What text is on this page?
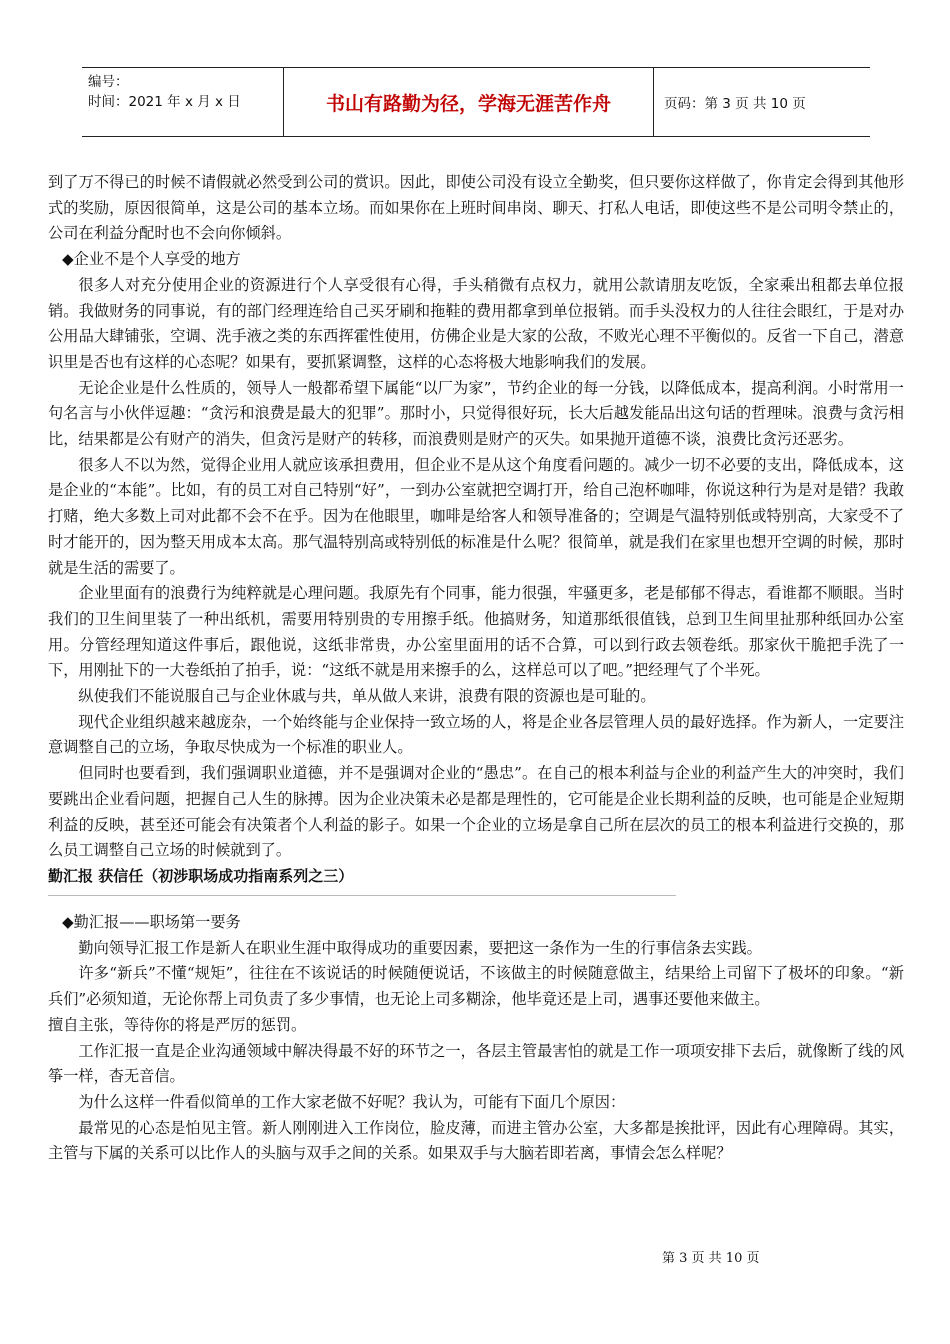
编号：
时间：2021 年 x 月 x 日	书山有路勤为径，学海无涯苦作舟	页码：第 3 页 共 10 页

到了万不得已的时候不请假就必然受到公司的赏识。因此，即使公司没有设立全勤奖，但只要你这样做了，你肯定会得到其他形式的奖励，原因很简单，这是公司的基本立场。而如果你在上班时间串岗、聊天、打私人电话，即使这些不是公司明令禁止的，公司在利益分配时也不会向你倾斜。

◆企业不是个人享受的地方

很多人对充分使用企业的资源进行个人享受很有心得，手头稍微有点权力，就用公款请朋友吃饭，全家乘出租都去单位报销。我做财务的同事说，有的部门经理连给自己买牙刷和拖鞋的费用都拿到单位报销。而手头没权力的人往往会眼红，于是对办公用品大肆铺张，空调、洗手液之类的东西挥霍性使用，仿佛企业是大家的公敌，不败光心理不平衡似的。反省一下自己，潜意识里是否也有这样的心态呢？如果有，要抓紧调整，这样的心态将极大地影响我们的发展。

无论企业是什么性质的，领导人一般都希望下属能“以厂为家”，节约企业的每一分钱，以降低成本，提高利润。小时常用一句名言与小伙伴逗趣：“贪污和浪费是最大的犯罪”。那时小，只觉得很好玩，长大后越发能品出这句话的哲理味。浪费与贪污相比，结果都是公有财产的消失，但贪污是财产的转移，而浪费则是财产的灭失。如果抛开道德不谈，浪费比贪污还恶劣。

很多人不以为然，觉得企业用人就应该承担费用，但企业不是从这个角度看问题的。减少一切不必要的支出，降低成本，这是企业的“本能”。比如，有的员工对自己特别“好”，一到办公室就把空调打开，给自己泡杯咖啡，你说这种行为是对是错？我敢打赌，绝大多数上司对此都不会不在乎。因为在他眼里，咖啡是给客人和领导准备的；空调是气温特别低或特别高，大家受不了时才能开的，因为整天用成本太高。那气温特别高或特别低的标准是什么呢？很简单，就是我们在家里也想开空调的时候，那时就是生活的需要了。

企业里面有的浪费行为纯粹就是心理问题。我原先有个同事，能力很强，牢骚更多，老是郁郁不得志，看谁都不顺眼。当时我们的卫生间里装了一种出纸机，需要用特别贵的专用擦手纸。他搞财务，知道那纸很值钱，总到卫生间里扯那种纸回办公室用。分管经理知道这件事后，跟他说，这纸非常贵，办公室里面用的话不合算，可以到行政去领卷纸。那家伙干脆把手洗了一下，用刚扯下的一大卷纸拍了拍手，说：“这纸不就是用来擦手的么，这样总可以了吧。”把经理气了个半死。

纵使我们不能说服自己与企业休戚与共，单从做人来讲，浪费有限的资源也是可耻的。

现代企业组织越来越庞杂，一个始终能与企业保持一致立场的人，将是企业各层管理人员的最好选择。作为新人，一定要注意调整自己的立场，争取尽快成为一个标准的职业人。

但同时也要看到，我们强调职业道德，并不是强调对企业的“愚忠”。在自己的根本利益与企业的利益产生大的冲突时，我们要跳出企业看问题，把握自己人生的脉搏。因为企业决策未必是都是理性的，它可能是企业长期利益的反映，也可能是企业短期利益的反映，甚至还可能会有决策者个人利益的影子。如果一个企业的立场是拿自己所在层次的员工的根本利益进行交换的，那么员工调整自己立场的时候就到了。

勤汇报 获信任（初涉职场成功指南系列之三）

◆勤汇报——职场第一要务

勤向领导汇报工作是新人在职业生涯中取得成功的重要因素，要把这一条作为一生的行事信条去实践。

许多“新兵”不懂“规矩”，往往在不该说话的时候随便说话，不该做主的时候随意做主，结果给上司留下了极坏的印象。“新兵们”必须知道，无论你帮上司负责了多少事情，也无论上司多糊涂，他毕竟还是上司，遇事还要他来做主。

擅自主张，等待你的将是严厉的惩罚。

工作汇报一直是企业沟通领域中解决得最不好的环节之一，各层主管最害怕的就是工作一项项安排下去后，就像断了线的风筝一样，杳无音信。

为什么这样一件看似简单的工作大家老做不好呢？我认为，可能有下面几个原因：

最常见的心态是怕见主管。新人刚刚进入工作岗位，脸皮薄，而进主管办公室，大多都是挨批评，因此有心理障碍。其实，主管与下属的关系可以比作人的头脑与双手之间的关系。如果双手与大脑若即若离，事情会怎么样呢？

第 3 页 共 10 页
